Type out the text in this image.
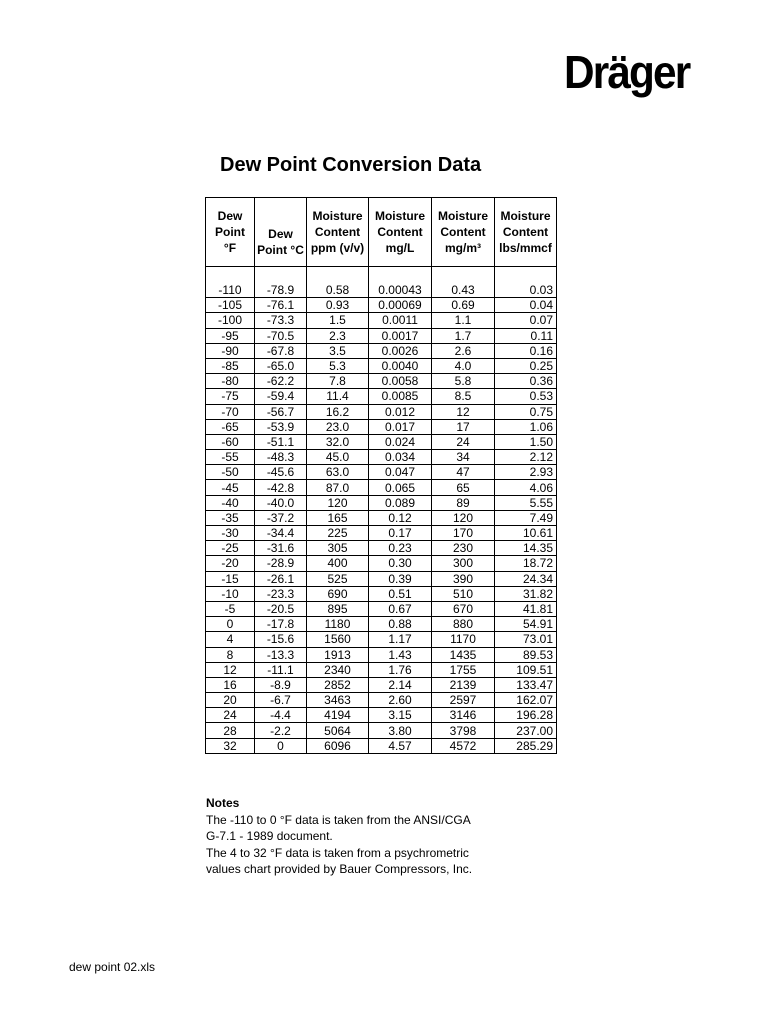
Dräger
Dew Point Conversion Data
Dew
Point
°F	Dew
Point °C	Moisture
Content
ppm (v/v)	Moisture
Content
mg/L	Moisture
Content
mg/m³	Moisture
Content
lbs/mmcf
-110	-78.9	0.58	0.00043	0.43	0.03
-105	-76.1	0.93	0.00069	0.69	0.04
-100	-73.3	1.5	0.0011	1.1	0.07
-95	-70.5	2.3	0.0017	1.7	0.11
-90	-67.8	3.5	0.0026	2.6	0.16
-85	-65.0	5.3	0.0040	4.0	0.25
-80	-62.2	7.8	0.0058	5.8	0.36
-75	-59.4	11.4	0.0085	8.5	0.53
-70	-56.7	16.2	0.012	12	0.75
-65	-53.9	23.0	0.017	17	1.06
-60	-51.1	32.0	0.024	24	1.50
-55	-48.3	45.0	0.034	34	2.12
-50	-45.6	63.0	0.047	47	2.93
-45	-42.8	87.0	0.065	65	4.06
-40	-40.0	120	0.089	89	5.55
-35	-37.2	165	0.12	120	7.49
-30	-34.4	225	0.17	170	10.61
-25	-31.6	305	0.23	230	14.35
-20	-28.9	400	0.30	300	18.72
-15	-26.1	525	0.39	390	24.34
-10	-23.3	690	0.51	510	31.82
-5	-20.5	895	0.67	670	41.81
0	-17.8	1180	0.88	880	54.91
4	-15.6	1560	1.17	1170	73.01
8	-13.3	1913	1.43	1435	89.53
12	-11.1	2340	1.76	1755	109.51
16	-8.9	2852	2.14	2139	133.47
20	-6.7	3463	2.60	2597	162.07
24	-4.4	4194	3.15	3146	196.28
28	-2.2	5064	3.80	3798	237.00
32	0	6096	4.57	4572	285.29
Notes
The -110 to 0 °F data is taken from the ANSI/CGA
G-7.1 - 1989 document.
The 4 to 32 °F data is taken from a psychrometric
values chart provided by Bauer Compressors, Inc.
dew point 02.xls
